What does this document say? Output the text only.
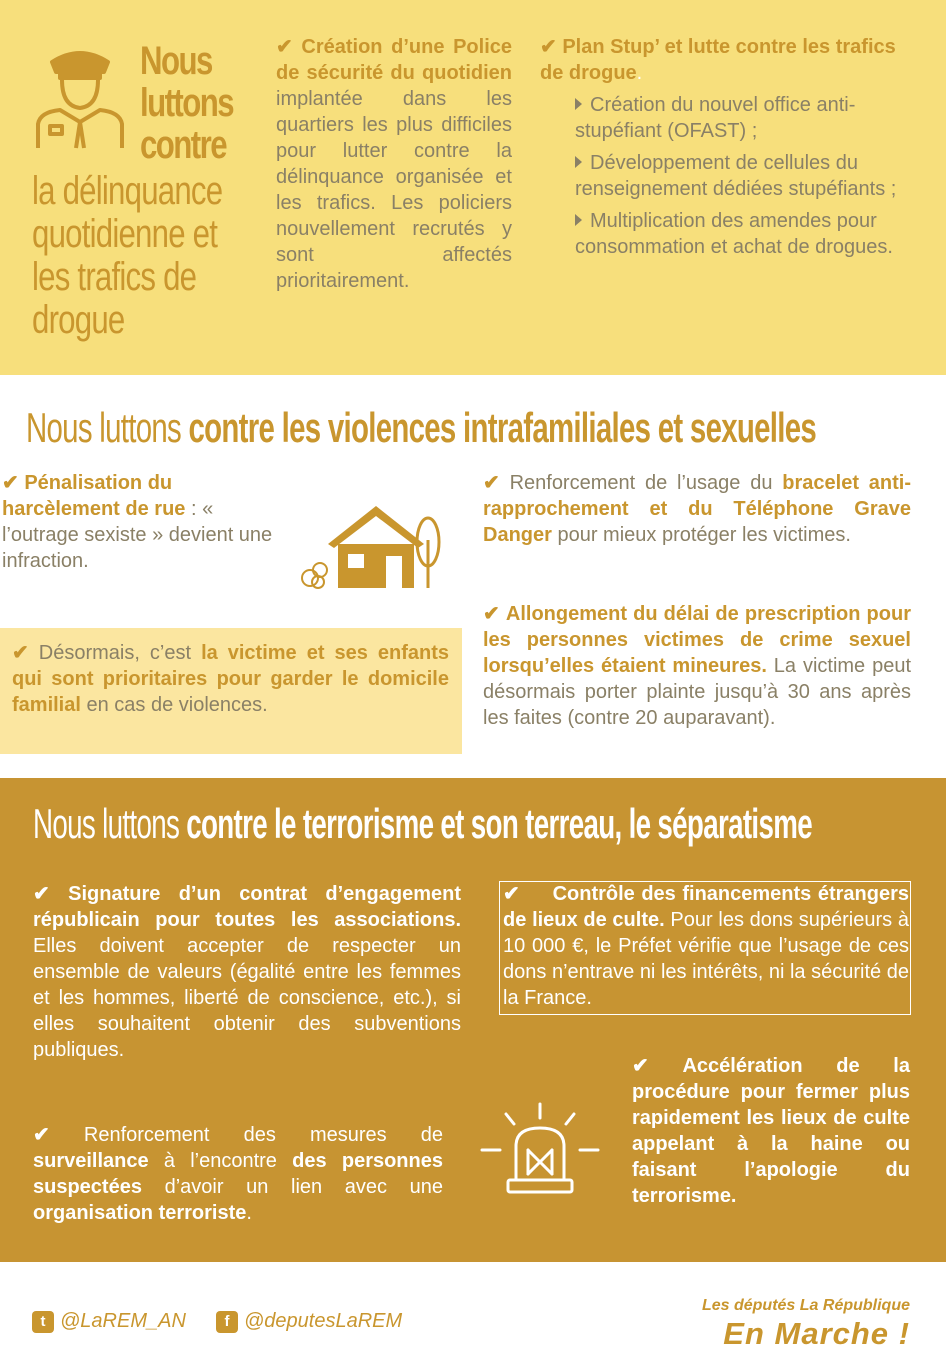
Nous
luttons
contre
la délinquance
quotidienne et
les trafics de
drogue
✔ Création d’une Police de sécurité du quotidien implantée dans les quartiers les plus difficiles pour lutter contre la délinquance organisée et les trafics. Les policiers nouvellement recrutés y sont affectés prioritairement.
✔ Plan Stup’ et lutte contre les trafics de drogue.
Création du nouvel office anti-stupéfiant (OFAST) ;
Développement de cellules du renseignement dédiées stupéfiants ;
Multiplication des amendes pour consommation et achat de drogues.
Nous luttons contre les violences intrafamiliales et sexuelles
✔ Pénalisation du harcèlement de rue : « l’outrage sexiste » devient une infraction.
✔ Renforcement de l’usage du bracelet anti-rapprochement et du Téléphone Grave Danger pour mieux protéger les victimes.
✔ Désormais, c’est la victime et ses enfants qui sont prioritaires pour garder le domicile familial en cas de violences.
✔ Allongement du délai de prescription pour les personnes victimes de crime sexuel lorsqu’elles étaient mineures. La victime peut désormais porter plainte jusqu’à 30 ans après les faites (contre 20 auparavant).
Nous luttons contre le terrorisme et son terreau, le séparatisme
✔ Signature d’un contrat d’engagement républicain pour toutes les associations. Elles doivent accepter de respecter un ensemble de valeurs (égalité entre les femmes et les hommes, liberté de conscience, etc.), si elles souhaitent obtenir des subventions publiques.
✔ Contrôle des financements étrangers de lieux de culte. Pour les dons supérieurs à 10 000 €, le Préfet vérifie que l’usage de ces dons n’entrave ni les intérêts, ni la sécurité de la France.
✔ Renforcement des mesures de surveillance à l’encontre des personnes suspectées d’avoir un lien avec une organisation terroriste.
✔ Accélération de la procédure pour fermer plus rapidement les lieux de culte appelant à la haine ou faisant l’apologie du terrorisme.
t @LaREM_AN	f @deputesLaREM
Les députés La République
En Marche !
